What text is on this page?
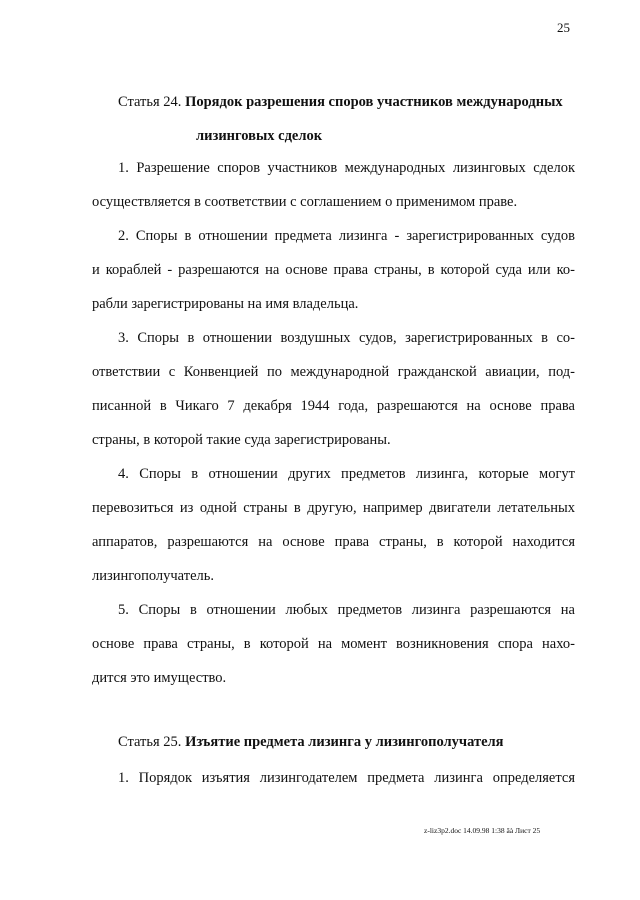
25
Статья 24. Порядок разрешения споров участников международных
лизинговых сделок
1. Разрешение споров участников международных лизинговых сделок
осуществляется в соответствии с соглашением о применимом праве.
2. Споры в отношении предмета лизинга - зарегистрированных судов
и кораблей - разрешаются на основе права страны, в которой суда или ко-
рабли зарегистрированы на имя владельца.
3. Споры в отношении воздушных судов, зарегистрированных в со-
ответствии с Конвенцией по международной гражданской авиации, под-
писанной в Чикаго 7 декабря 1944 года, разрешаются на основе права
страны, в которой такие суда зарегистрированы.
4. Споры в отношении других предметов лизинга, которые могут
перевозиться из одной страны в другую, например двигатели летательных
аппаратов, разрешаются на основе права страны, в которой находится
лизингополучатель.
5. Споры в отношении любых предметов лизинга разрешаются на
основе права страны, в которой на момент возникновения спора нахо-
дится это имущество.
Статья 25. Изъятие предмета лизинга у лизингополучателя
1. Порядок изъятия лизингодателем предмета лизинга определяется
z-liz3p2.doc 14.09.98 1:38 âà Лист 25
